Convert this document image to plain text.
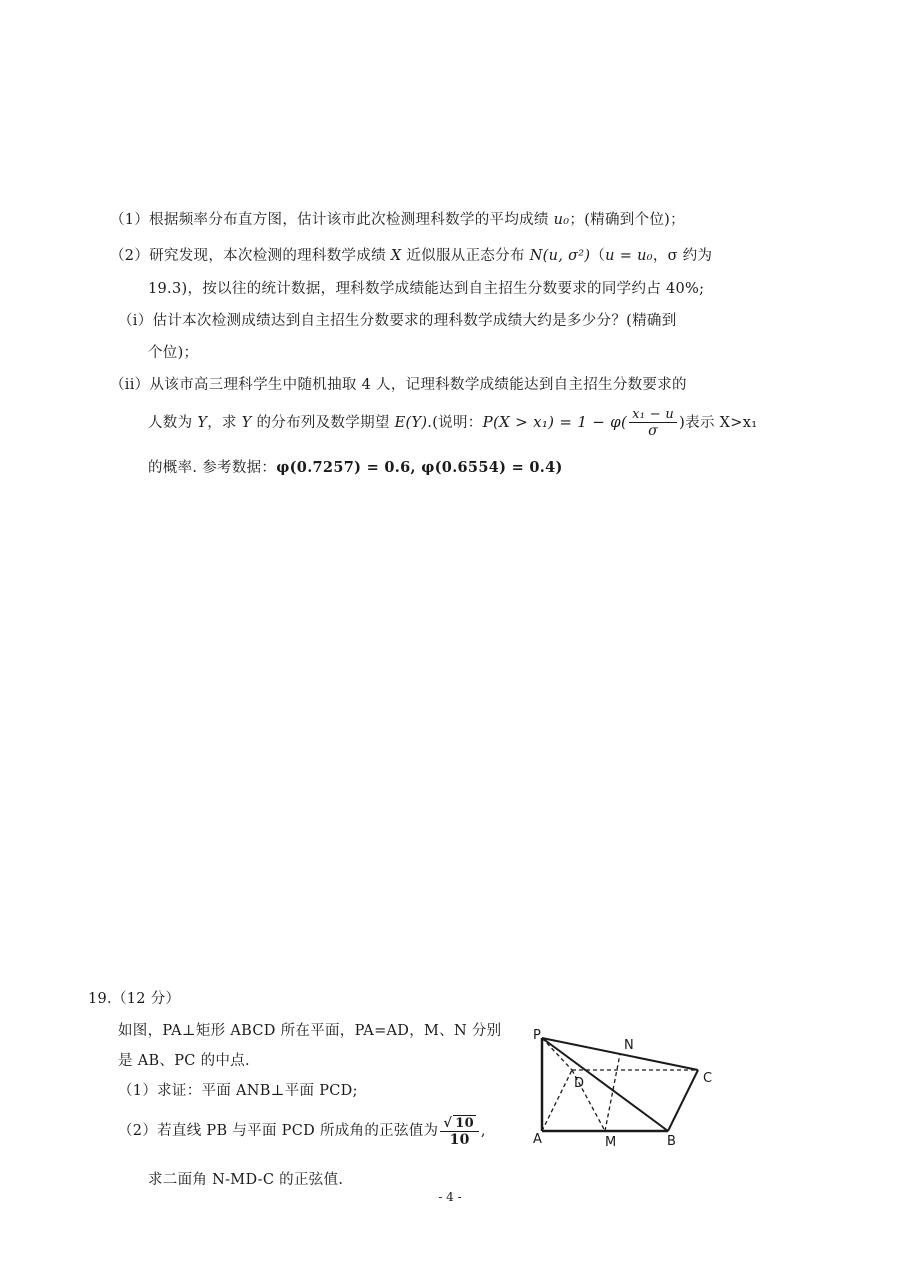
（1）根据频率分布直方图，估计该市此次检测理科数学的平均成绩 u₀；(精确到个位)；
（2）研究发现，本次检测的理科数学成绩 X 近似服从正态分布 N(u, σ²)（u = u₀，σ 约为
19.3)，按以往的统计数据，理科数学成绩能达到自主招生分数要求的同学约占 40%;
（i）估计本次检测成绩达到自主招生分数要求的理科数学成绩大约是多少分？(精确到
个位)；
（ii）从该市高三理科学生中随机抽取 4 人，记理科数学成绩能达到自主招生分数要求的
人数为 Y，求 Y 的分布列及数学期望 E(Y).(说明：$P(X > x_1) = 1 - \varphi( \frac{\text{x₁ − u}}{\sigma}$ )表示 X>x₁
的概率. 参考数据：φ(0.7257) = 0.6, φ(0.6554) = 0.4)
19.（12 分）
如图，PA⊥矩形 ABCD 所在平面，PA=AD，M、N 分别
是 AB、PC 的中点.
（1）求证：平面 ANB⊥平面 PCD;
（2）若直线 PB 与平面 PCD 所成角的正弦值为 $\frac{√ 10}{10}$ ,
求二面角 N-MD-C 的正弦值.
P
N
D	C
A	M	B
- 4 -
